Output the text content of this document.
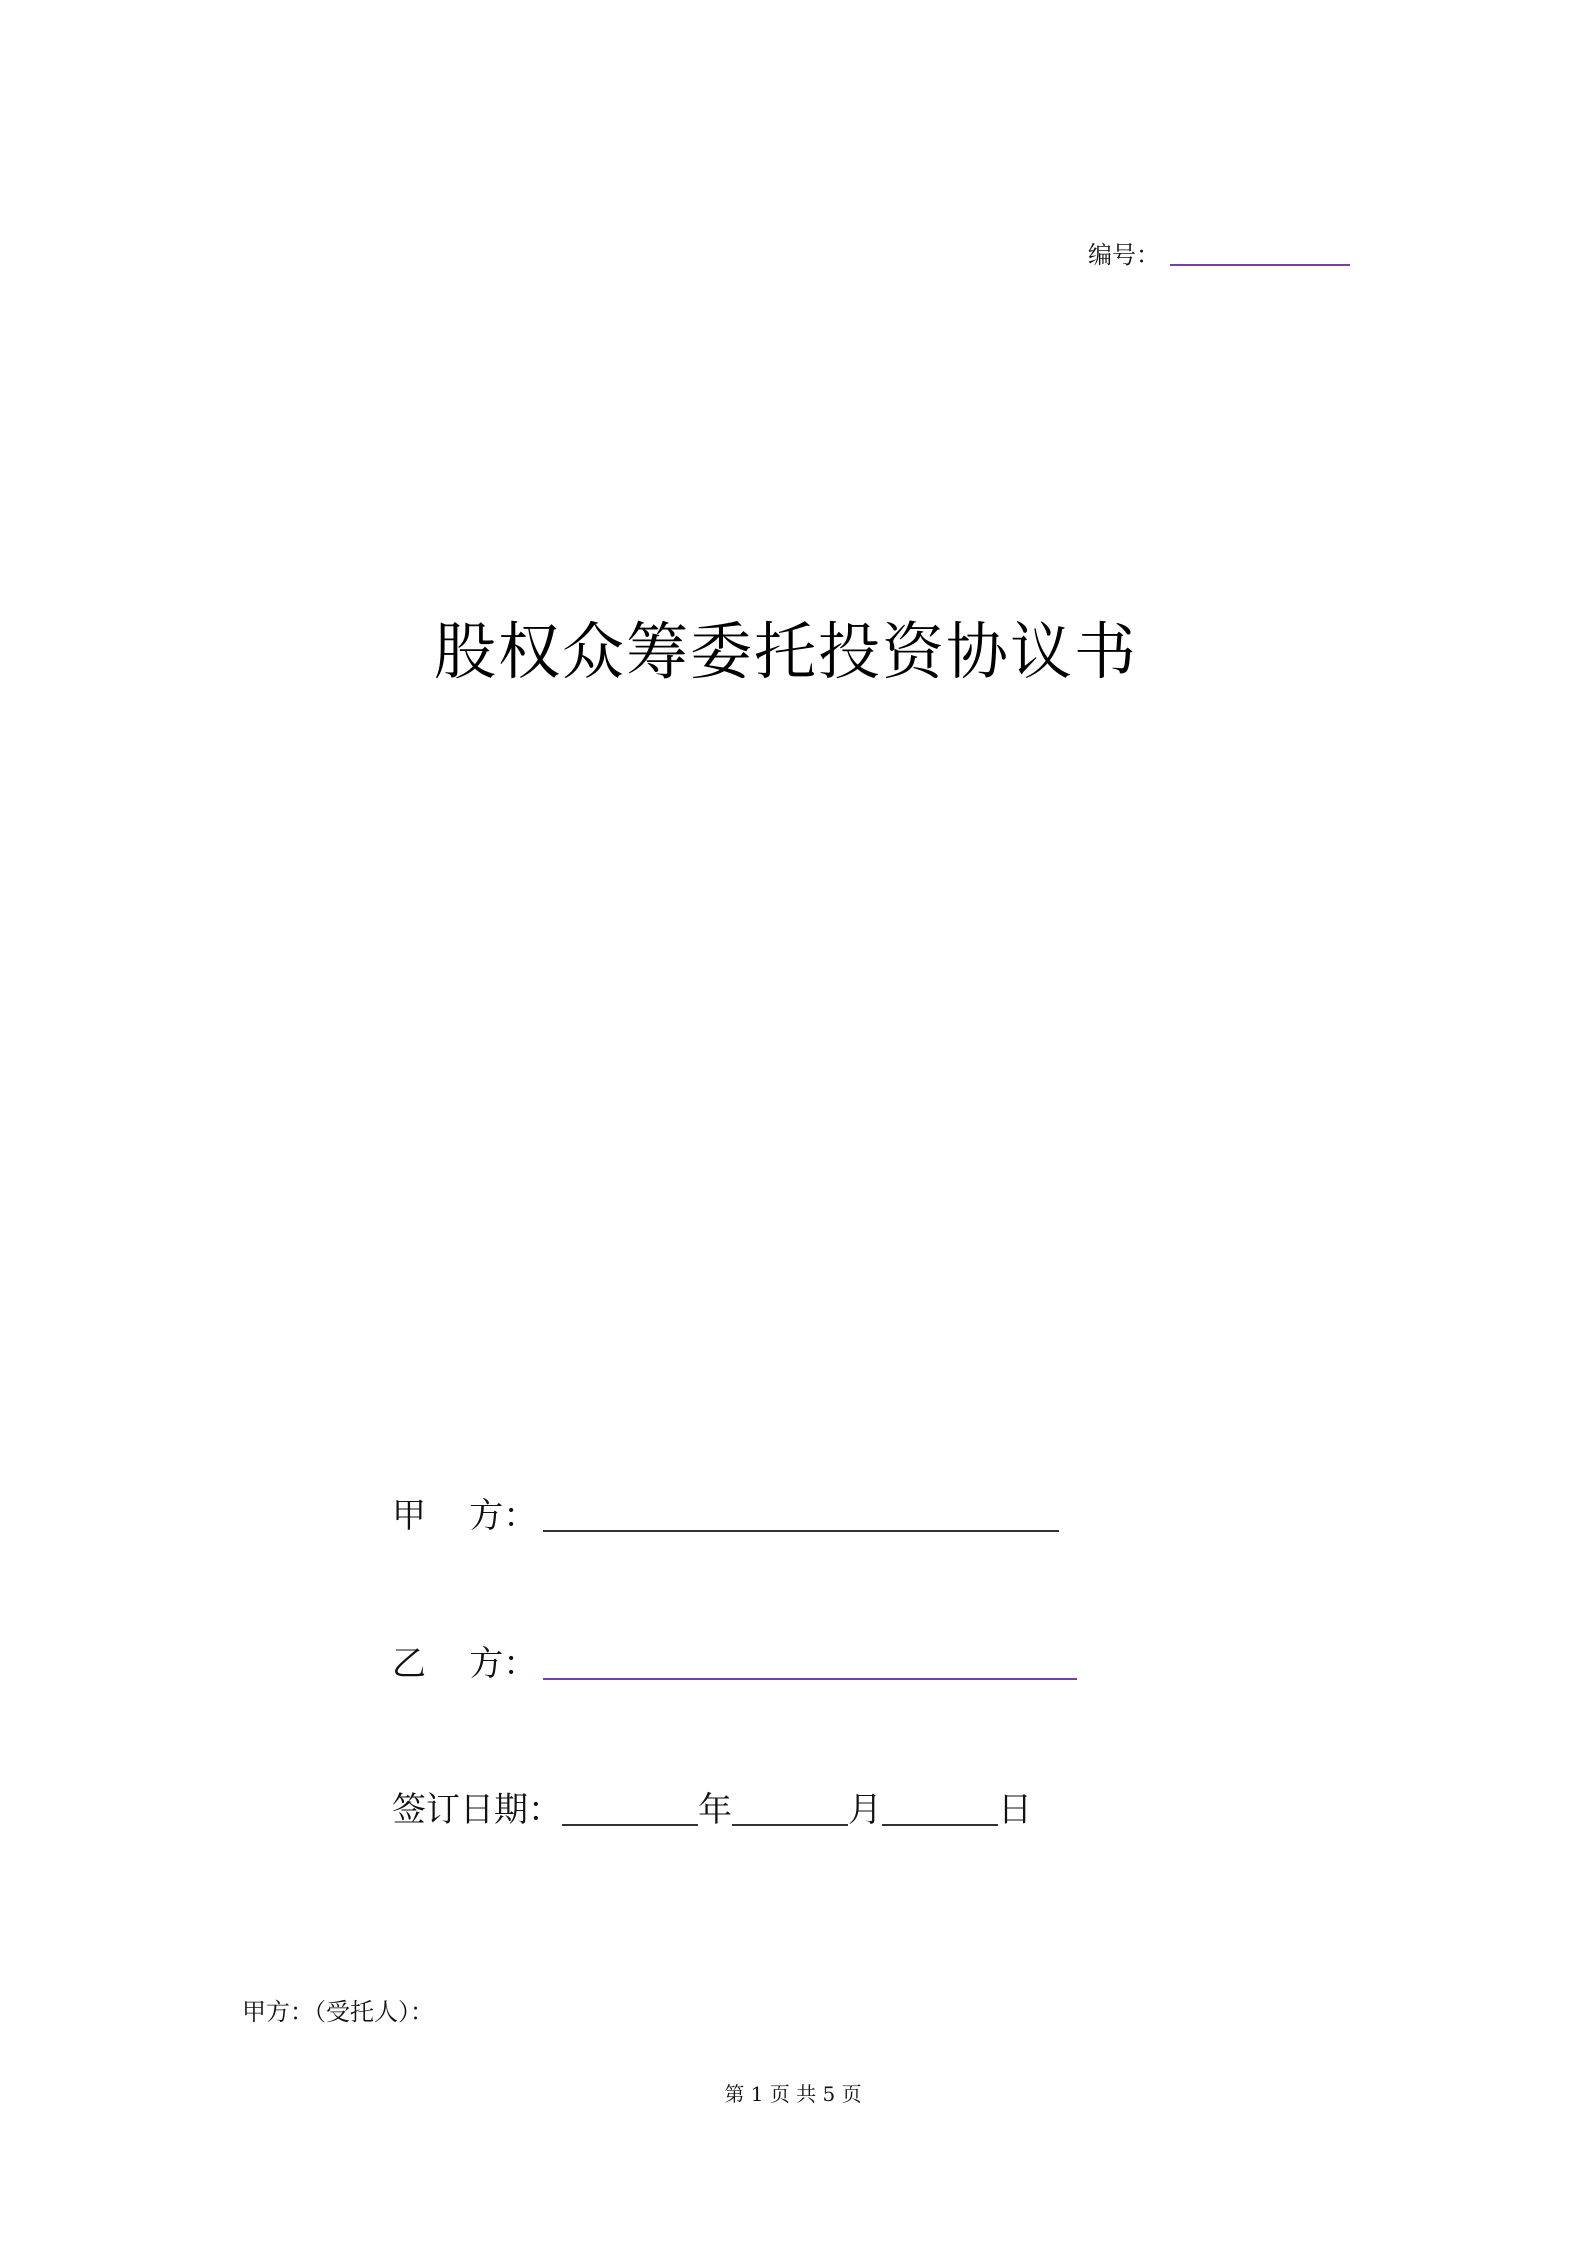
编号：
股权众筹委托投资协议书
甲    方：
乙    方：
签订日期：	年	月	日
甲方：（受托人）：
第 1 页 共 5 页
